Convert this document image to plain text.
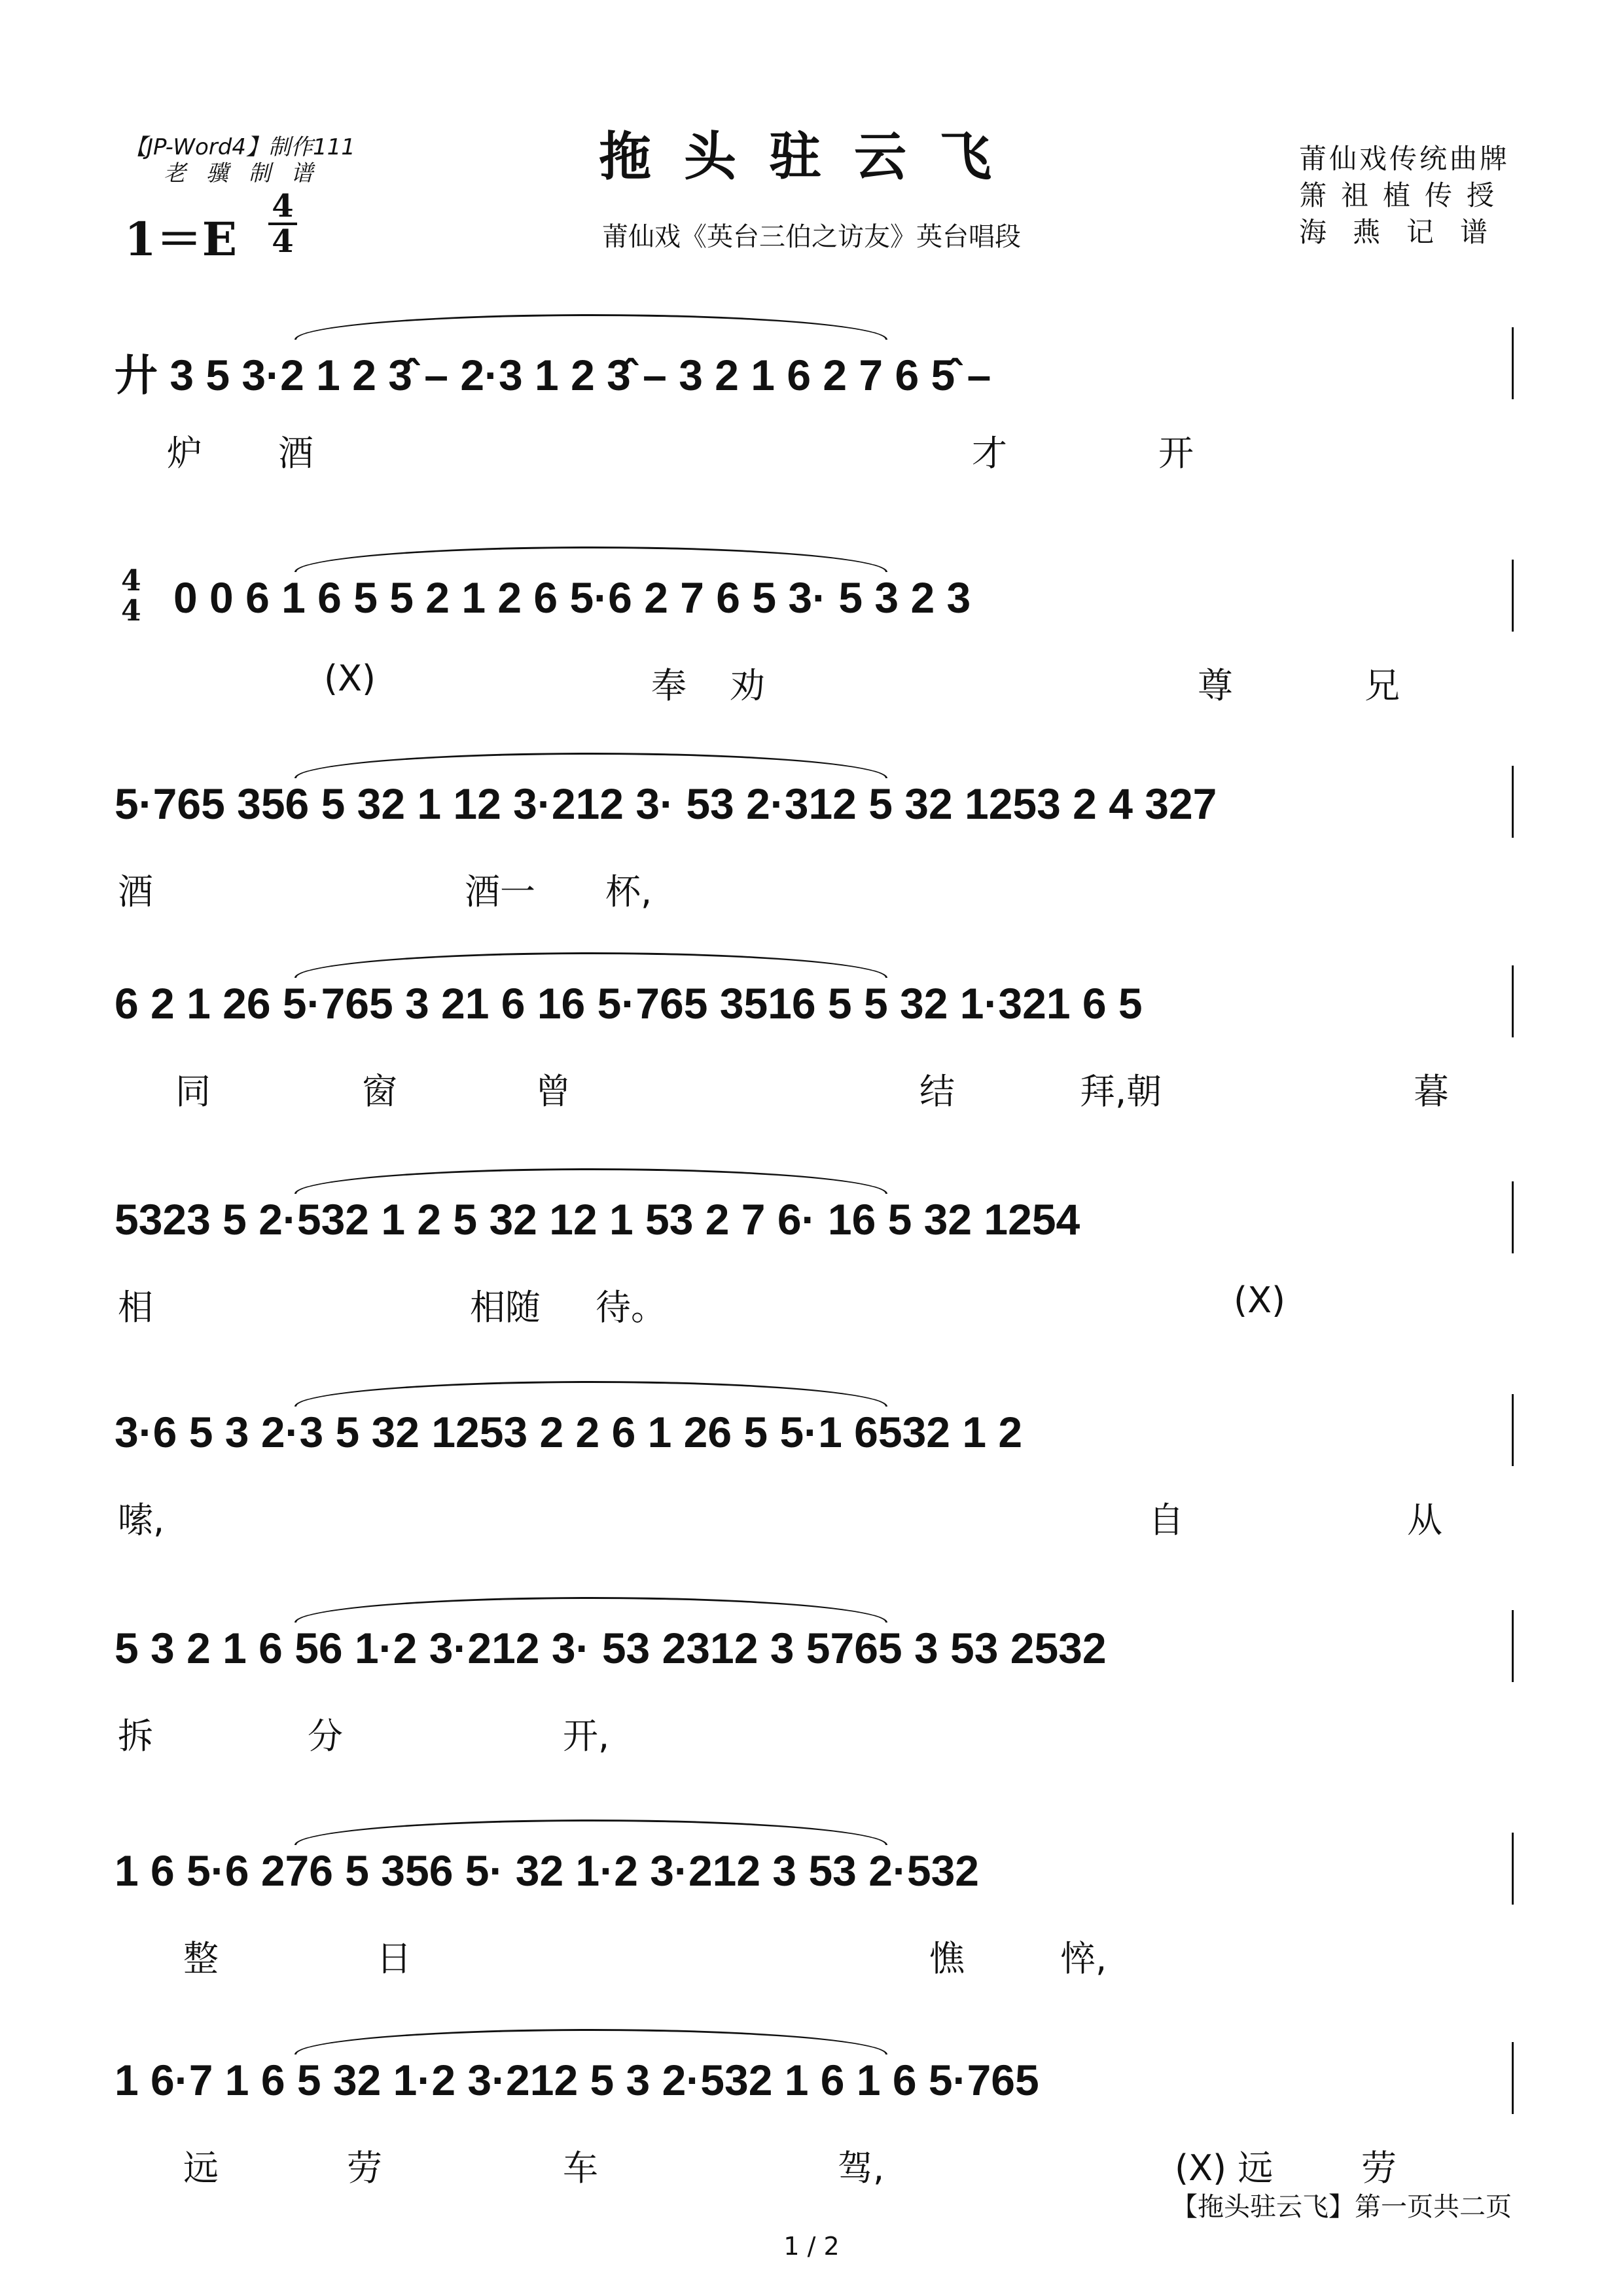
【JP-Word4】制作111
老 骥 制 谱
1＝E
4
4
拖头驻云飞
莆仙戏《英台三伯之访友》英台唱段
莆仙戏传统曲牌
箫祖植传授
海燕记谱
廾 3 5 3·2 1 2 3̂ – 2·3 1 2 3̂ – 3 2 1 6 2 7 6 5̂ –
炉 酒	才	开
4
4 0 0 6 1 6 5 5 2 1 2 6 5·6 2 7 6 5 3· 5 3 2 3
(X)	奉 劝	尊	兄
5·765 356 5 32 1 12 3·212 3· 53 2·312 5 32 1253 2 4 327
酒	酒一 杯,
6 2 1 26 5·765 3 21 6 16 5·765 3516 5 5 32 1·321 6 5
同	窗	曾	结	拜,朝	暮
5323 5 2·532 1 2 5 32 12 1 53 2 7 6· 16 5 32 1254
相	相随 待。	(X)
3·6 5 3 2·3 5 32 1253 2 2 6 1 26 5 5·1 6532 1 2
嗦,	自	从
5 3 2 1 6 56 1·2 3·212 3· 53 2312 3 5765 3 53 2532
拆	分	开,
1 6 5·6 276 5 356 5· 32 1·2 3·212 3 53 2·532
整	日	憔	悴,
1 6·7 1 6 5 32 1·2 3·212 5 3 2·532 1 6 1 6 5·765
远	劳	车	驾,	(X) 远 劳
【拖头驻云飞】第一页共二页
1 / 2
